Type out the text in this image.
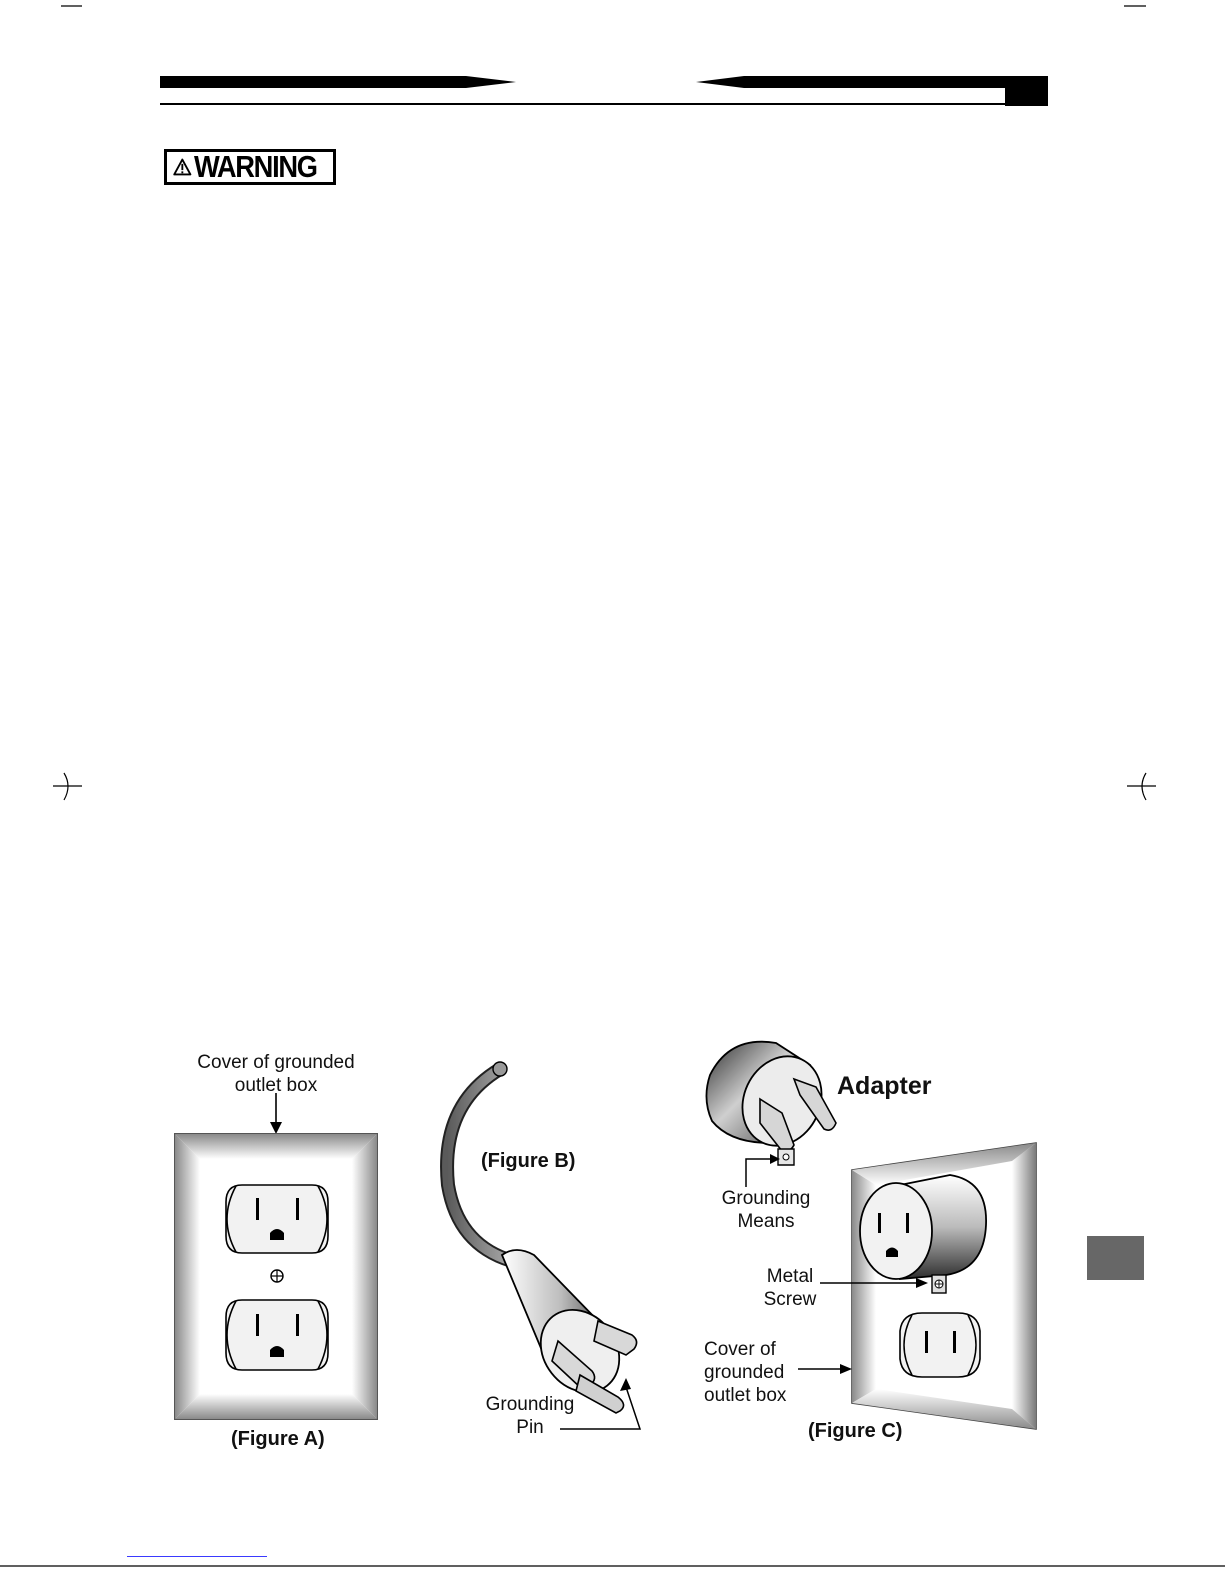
WARNING
Cover of grounded
outlet box
(Figure A)
(Figure B)
Grounding
Pin
Adapter
Grounding
Means
Metal
Screw
Cover of
grounded
outlet box
(Figure C)
